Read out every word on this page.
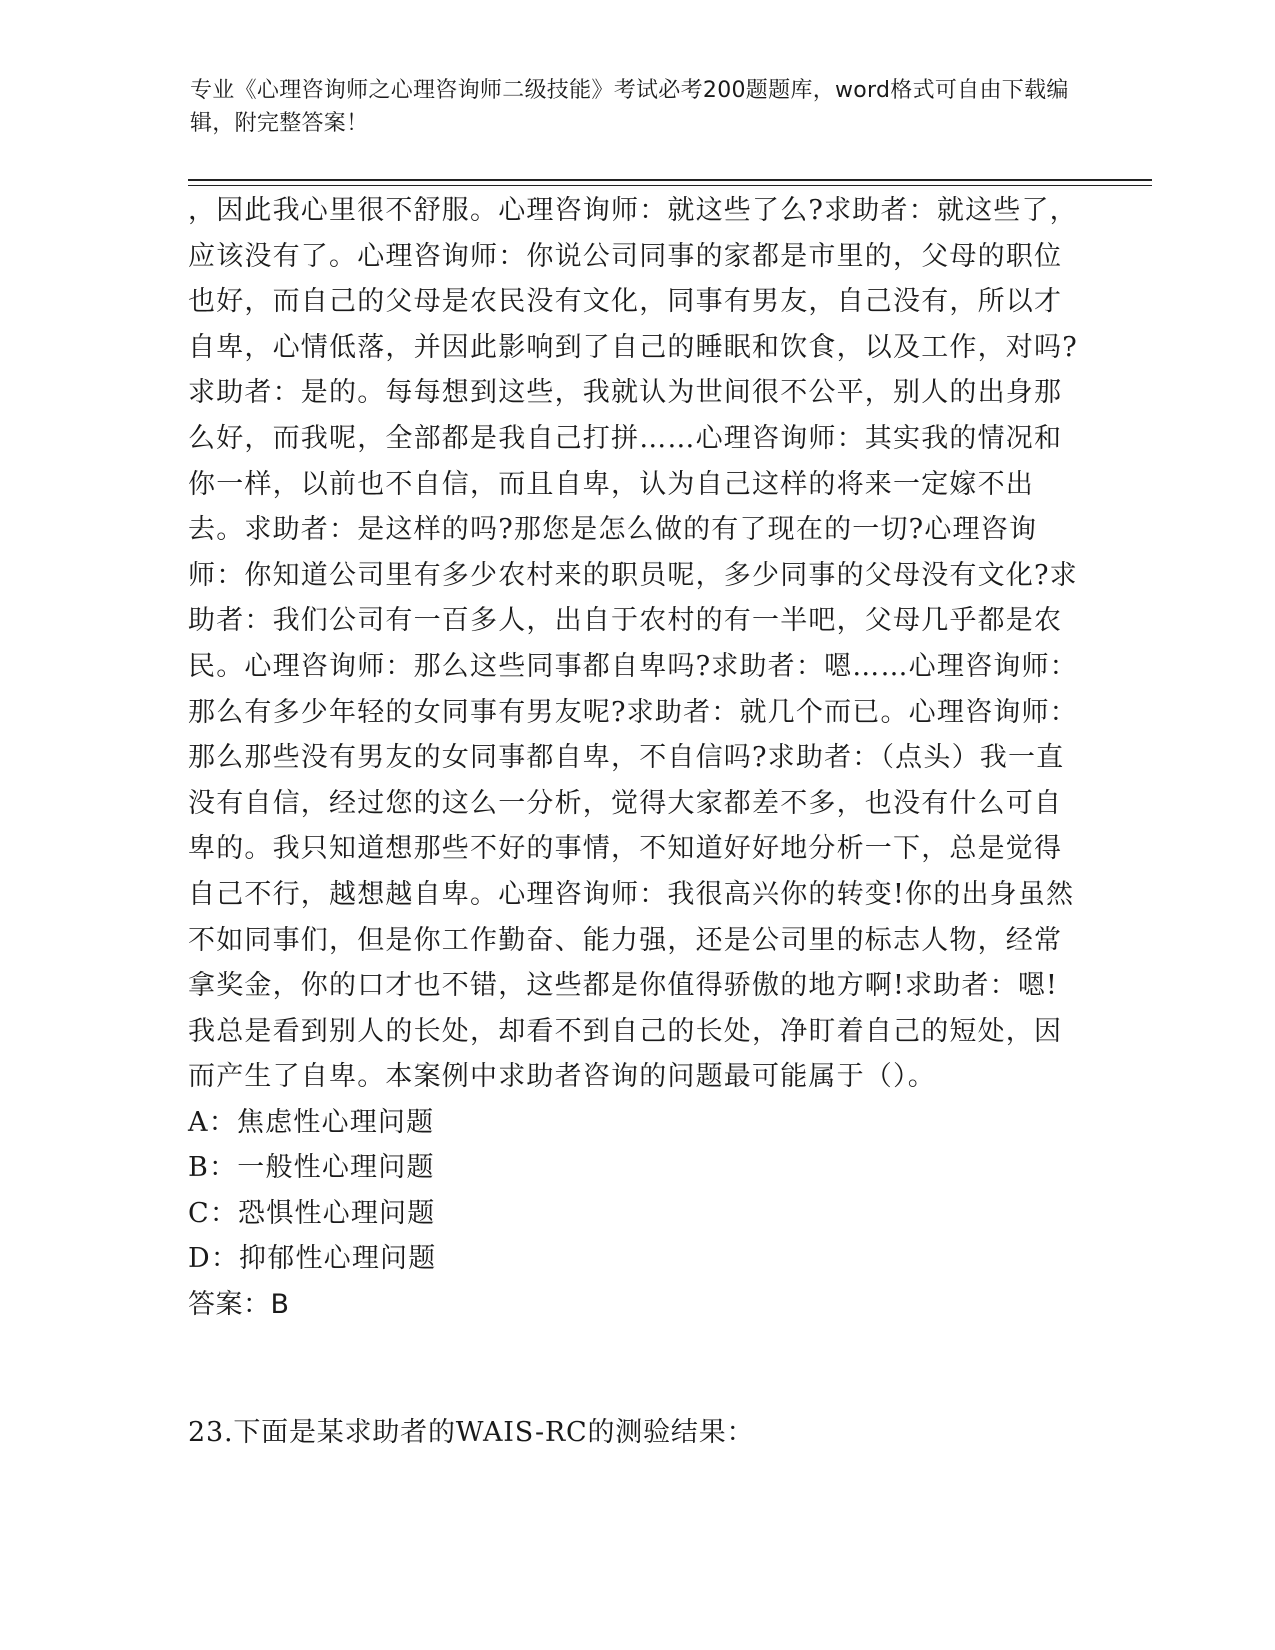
专业《心理咨询师之心理咨询师二级技能》考试必考200题题库，word格式可自由下载编辑，附完整答案！

，因此我心里很不舒服。心理咨询师：就这些了么?求助者：就这些了，应该没有了。心理咨询师：你说公司同事的家都是市里的，父母的职位也好，而自己的父母是农民没有文化，同事有男友，自己没有，所以才自卑，心情低落，并因此影响到了自己的睡眠和饮食，以及工作，对吗?求助者：是的。每每想到这些，我就认为世间很不公平，别人的出身那么好，而我呢，全部都是我自己打拼……心理咨询师：其实我的情况和你一样，以前也不自信，而且自卑，认为自己这样的将来一定嫁不出去。求助者：是这样的吗?那您是怎么做的有了现在的一切?心理咨询师：你知道公司里有多少农村来的职员呢，多少同事的父母没有文化?求助者：我们公司有一百多人，出自于农村的有一半吧，父母几乎都是农民。心理咨询师：那么这些同事都自卑吗?求助者：嗯……心理咨询师：那么有多少年轻的女同事有男友呢?求助者：就几个而已。心理咨询师：那么那些没有男友的女同事都自卑，不自信吗?求助者：（点头）我一直没有自信，经过您的这么一分析，觉得大家都差不多，也没有什么可自卑的。我只知道想那些不好的事情，不知道好好地分析一下，总是觉得自己不行，越想越自卑。心理咨询师：我很高兴你的转变!你的出身虽然不如同事们，但是你工作勤奋、能力强，还是公司里的标志人物，经常拿奖金，你的口才也不错，这些都是你值得骄傲的地方啊!求助者：嗯!我总是看到别人的长处，却看不到自己的长处，净盯着自己的短处，因而产生了自卑。本案例中求助者咨询的问题最可能属于（）。

A：焦虑性心理问题

B：一般性心理问题

C：恐惧性心理问题

D：抑郁性心理问题

答案：B

23.下面是某求助者的WAIS-RC的测验结果：
